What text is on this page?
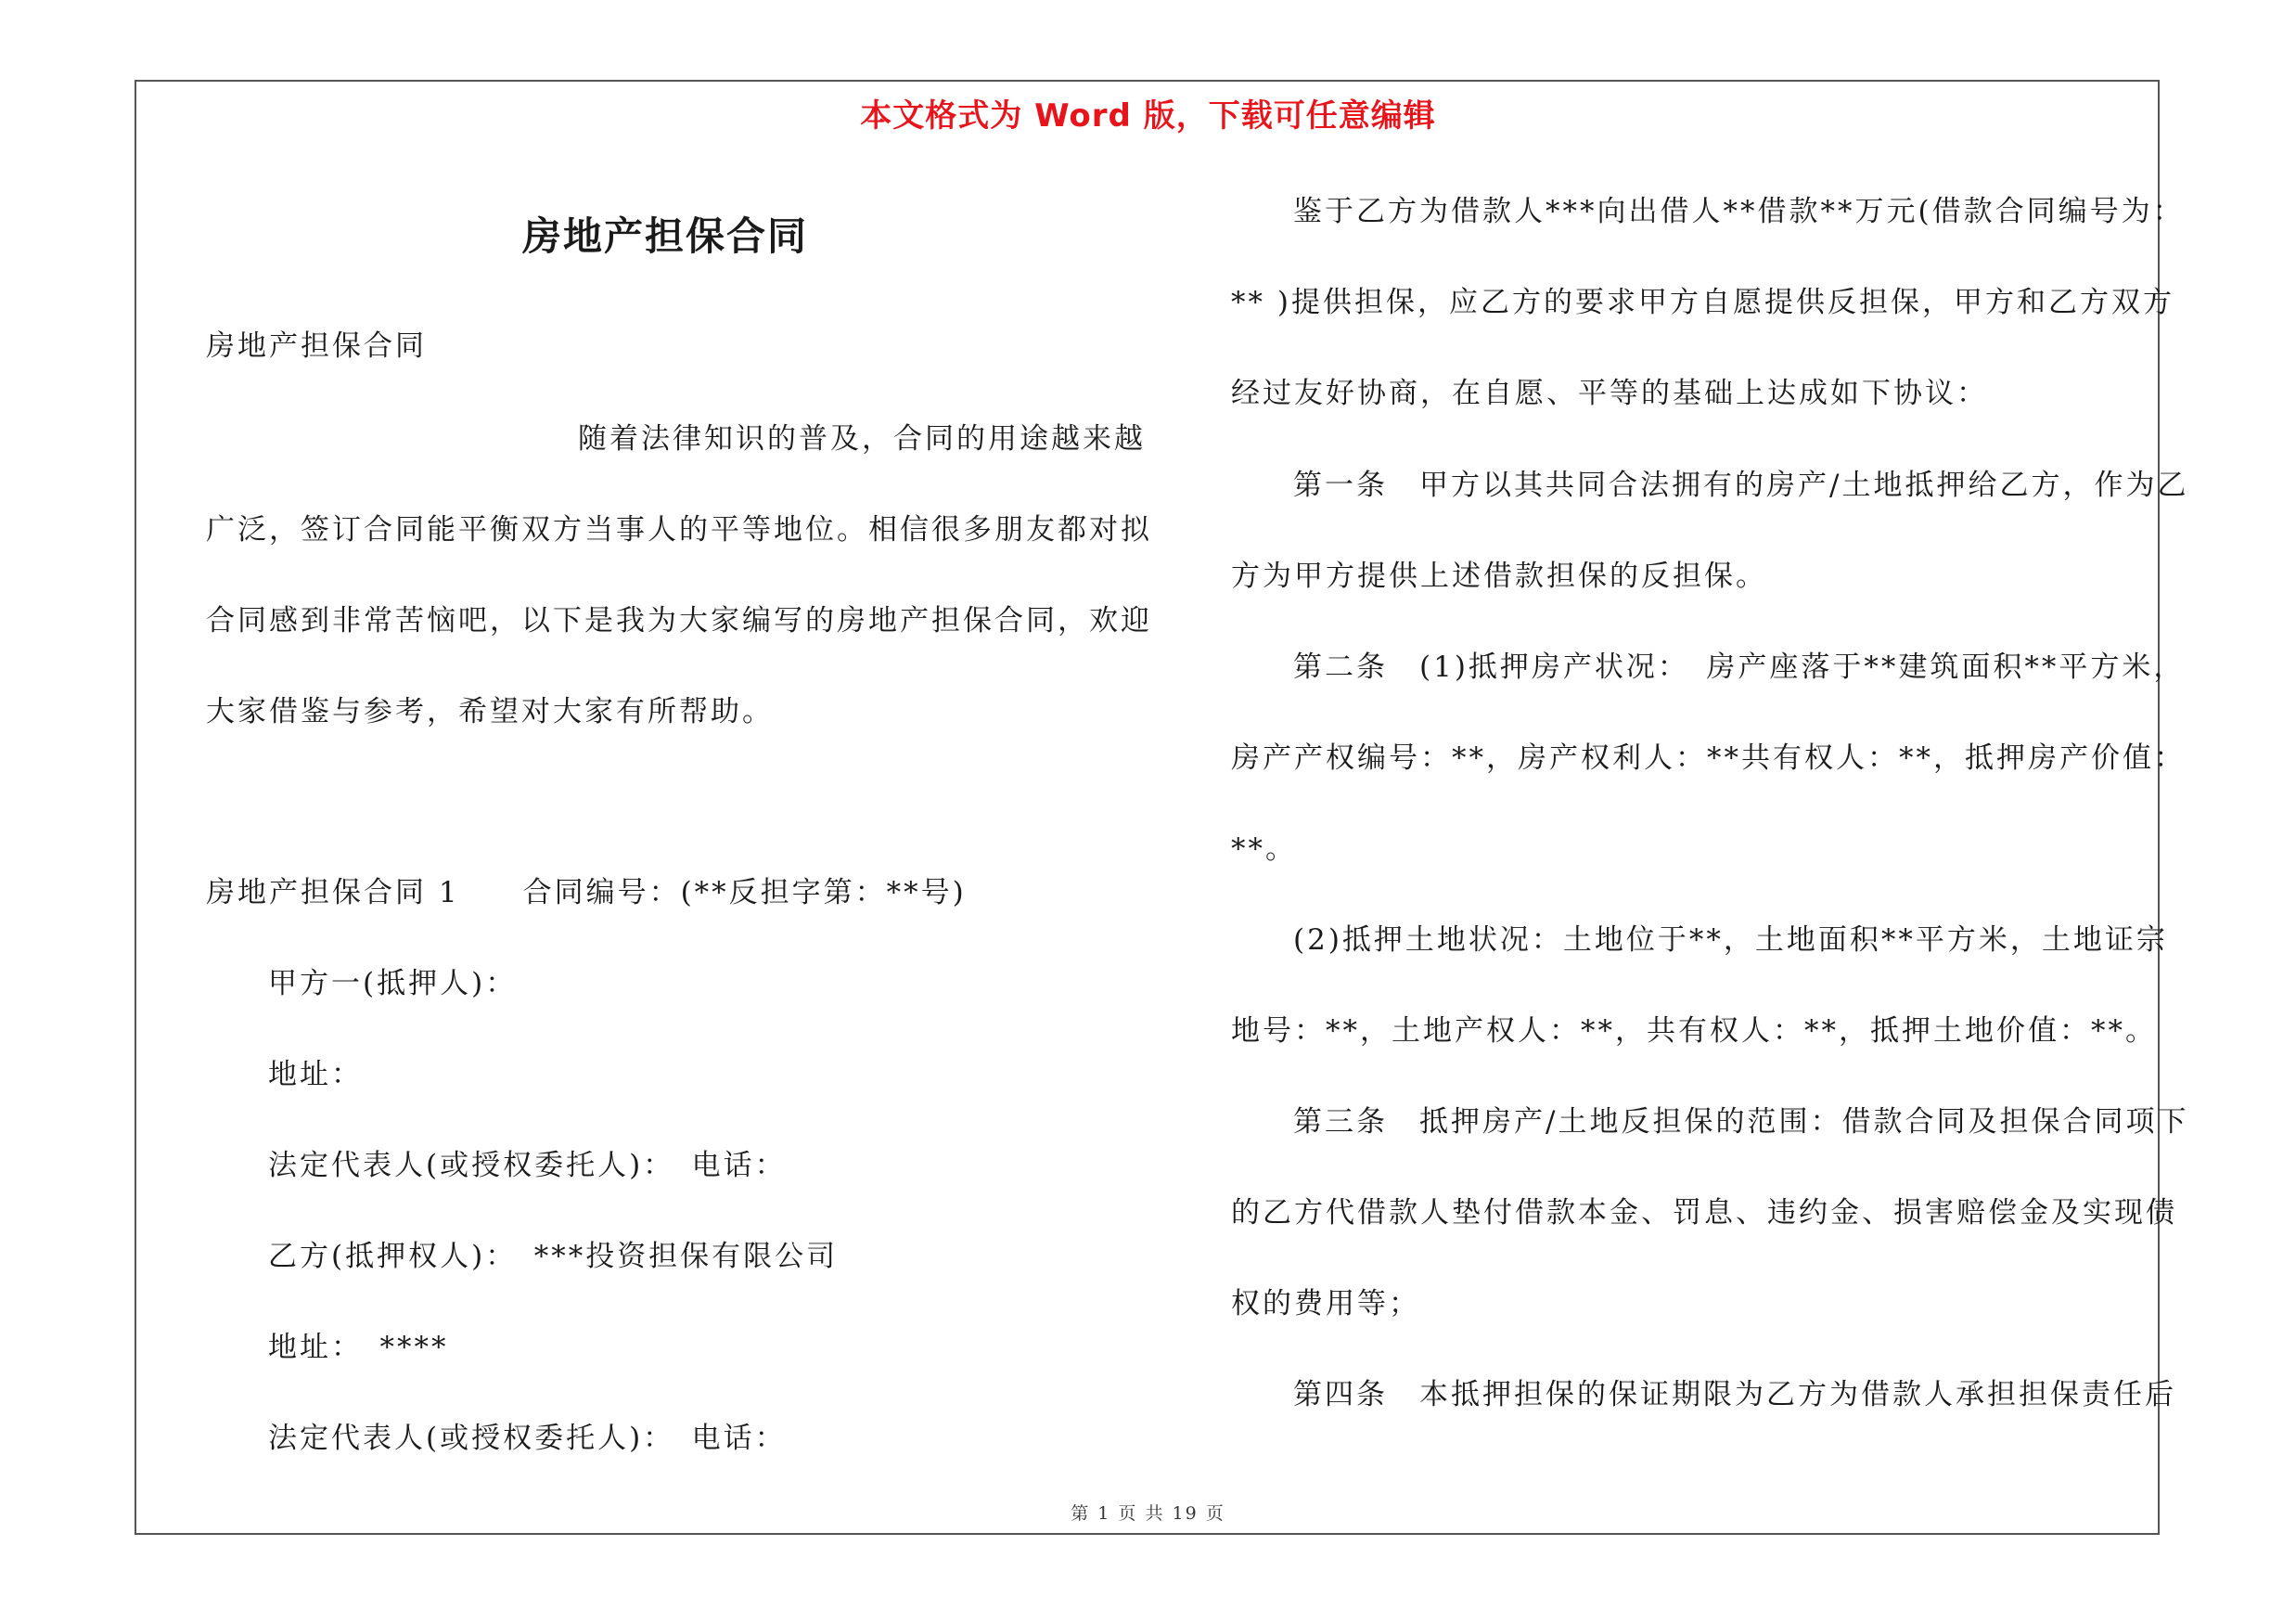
本文格式为 Word 版，下载可任意编辑
房地产担保合同
房地产担保合同
随着法律知识的普及，合同的用途越来越
广泛，签订合同能平衡双方当事人的平等地位。相信很多朋友都对拟
合同感到非常苦恼吧，以下是我为大家编写的房地产担保合同，欢迎
大家借鉴与参考，希望对大家有所帮助。
房地产担保合同 1　　合同编号：(**反担字第：**号)
甲方一(抵押人)：
地址：
法定代表人(或授权委托人)：　电话：
乙方(抵押权人)：　***投资担保有限公司
地址：　****
法定代表人(或授权委托人)：　电话：
鉴于乙方为借款人***向出借人**借款**万元(借款合同编号为：
** )提供担保，应乙方的要求甲方自愿提供反担保，甲方和乙方双方
经过友好协商，在自愿、平等的基础上达成如下协议：
第一条　甲方以其共同合法拥有的房产/土地抵押给乙方，作为乙
方为甲方提供上述借款担保的反担保。
第二条　(1)抵押房产状况：　房产座落于**建筑面积**平方米，
房产产权编号：**，房产权利人：**共有权人：**，抵押房产价值：
**。
(2)抵押土地状况：土地位于**，土地面积**平方米，土地证宗
地号：**，土地产权人：**，共有权人：**，抵押土地价值：**。
第三条　抵押房产/土地反担保的范围：借款合同及担保合同项下
的乙方代借款人垫付借款本金、罚息、违约金、损害赔偿金及实现债
权的费用等；
第四条　本抵押担保的保证期限为乙方为借款人承担担保责任后
第 1 页 共 19 页
